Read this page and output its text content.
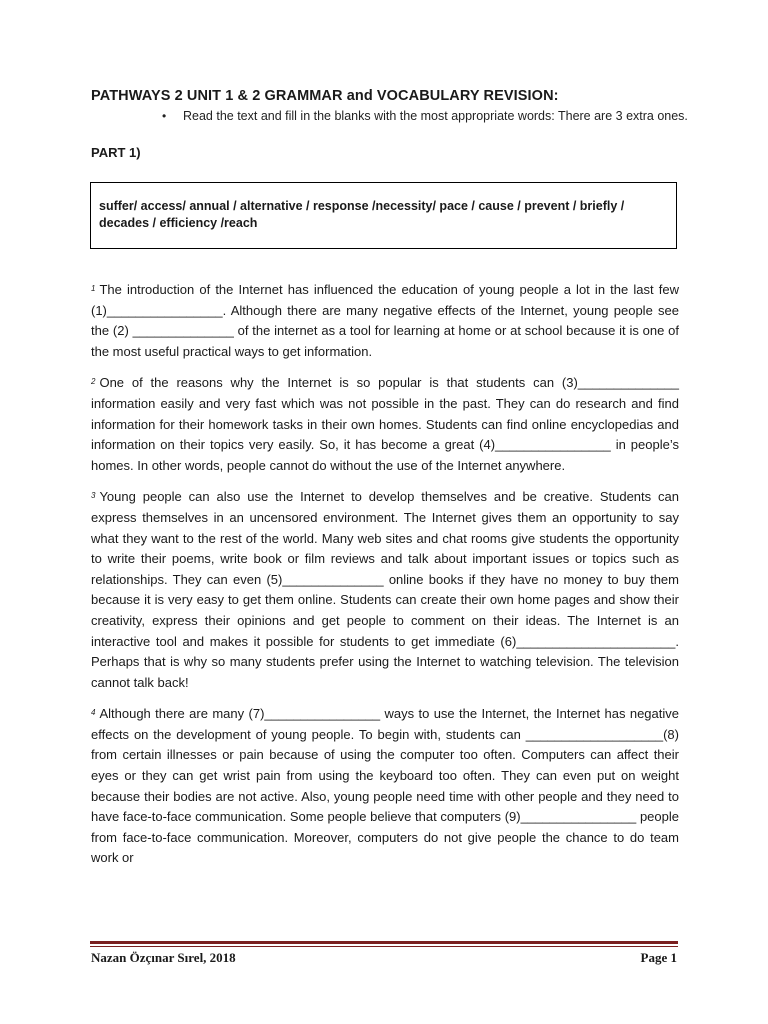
PATHWAYS 2 UNIT 1 & 2 GRAMMAR and VOCABULARY REVISION:
• Read the text and fill in the blanks with the most appropriate words: There are 3 extra ones.
PART 1)
suffer/ access/ annual / alternative / response /necessity/ pace / cause / prevent / briefly / decades / efficiency /reach

$^1$ The introduction of the Internet has influenced the education of young people a lot in the last few (1)________________. Although there are many negative effects of the Internet, young people see the (2) ______________ of the internet as a tool for learning at home or at school because it is one of the most useful practical ways to get information.

$^2$ One of the reasons why the Internet is so popular is that students can (3)______________ information easily and very fast which was not possible in the past. They can do research and find information for their homework tasks in their own homes. Students can find online encyclopedias and information on their topics very easily. So, it has become a great (4)________________ in people’s homes. In other words, people cannot do without the use of the Internet anywhere.

$^3$ Young people can also use the Internet to develop themselves and be creative. Students can express themselves in an uncensored environment. The Internet gives them an opportunity to say what they want to the rest of the world. Many web sites and chat rooms give students the opportunity to write their poems, write book or film reviews and talk about important issues or topics such as relationships. They can even (5)______________ online books if they have no money to buy them because it is very easy to get them online. Students can create their own home pages and show their creativity, express their opinions and get people to comment on their ideas. The Internet is an interactive tool and makes it possible for students to get immediate (6)______________________. Perhaps that is why so many students prefer using the Internet to watching television. The television cannot talk back!

$^4$ Although there are many (7)________________ ways to use the Internet, the Internet has negative effects on the development of young people. To begin with, students can ___________________(8) from certain illnesses or pain because of using the computer too often. Computers can affect their eyes or they can get wrist pain from using the keyboard too often. They can even put on weight because their bodies are not active. Also, young people need time with other people and they need to have face-to-face communication. Some people believe that computers (9)________________ people from face-to-face communication. Moreover, computers do not give people the chance to do team work or

Nazan Özçınar Sırel, 2018	Page 1
